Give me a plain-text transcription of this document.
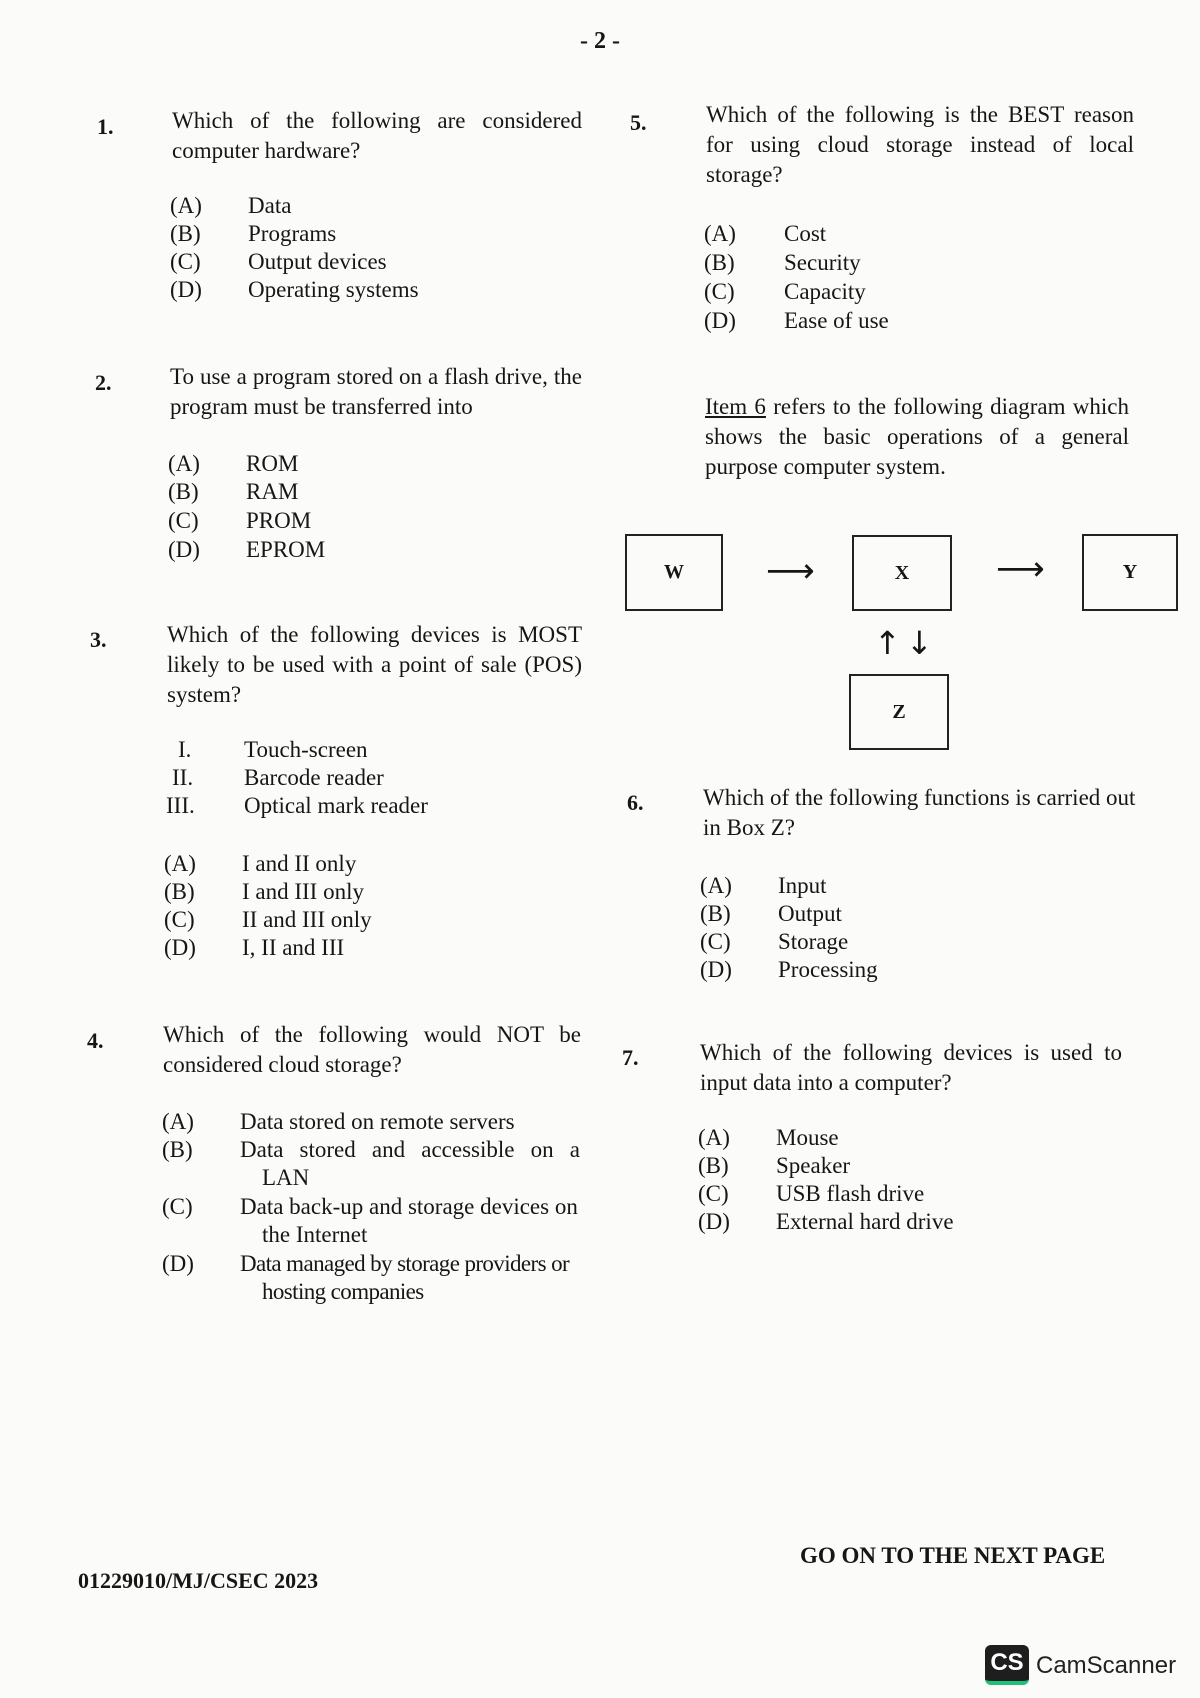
- 2 -
1.	Which of the following are considered computer hardware?
(A) Data
(B) Programs
(C) Output devices
(D) Operating systems
2.	To use a program stored on a flash drive, the program must be transferred into
(A) ROM
(B) RAM
(C) PROM
(D) EPROM
3.	Which of the following devices is MOST likely to be used with a point of sale (POS) system?
I. Touch-screen
II. Barcode reader
III. Optical mark reader
(A) I and II only
(B) I and III only
(C) II and III only
(D) I, II and III
4.	Which of the following would NOT be considered cloud storage?
(A) Data stored on remote servers
(B) Data stored and accessible on a LAN
(C) Data back-up and storage devices on the Internet
(D) Data managed by storage providers or hosting companies
5.	Which of the following is the BEST reason for using cloud storage instead of local storage?
(A) Cost
(B) Security
(C) Capacity
(D) Ease of use
Item 6 refers to the following diagram which shows the basic operations of a general purpose computer system.
W	X	Y
Z
⟶	⟶
↑ ↓
6.	Which of the following functions is carried out in Box Z?
(A) Input
(B) Output
(C) Storage
(D) Processing
7.	Which of the following devices is used to input data into a computer?
(A) Mouse
(B) Speaker
(C) USB flash drive
(D) External hard drive
GO ON TO THE NEXT PAGE
01229010/MJ/CSEC 2023
CS CamScanner
